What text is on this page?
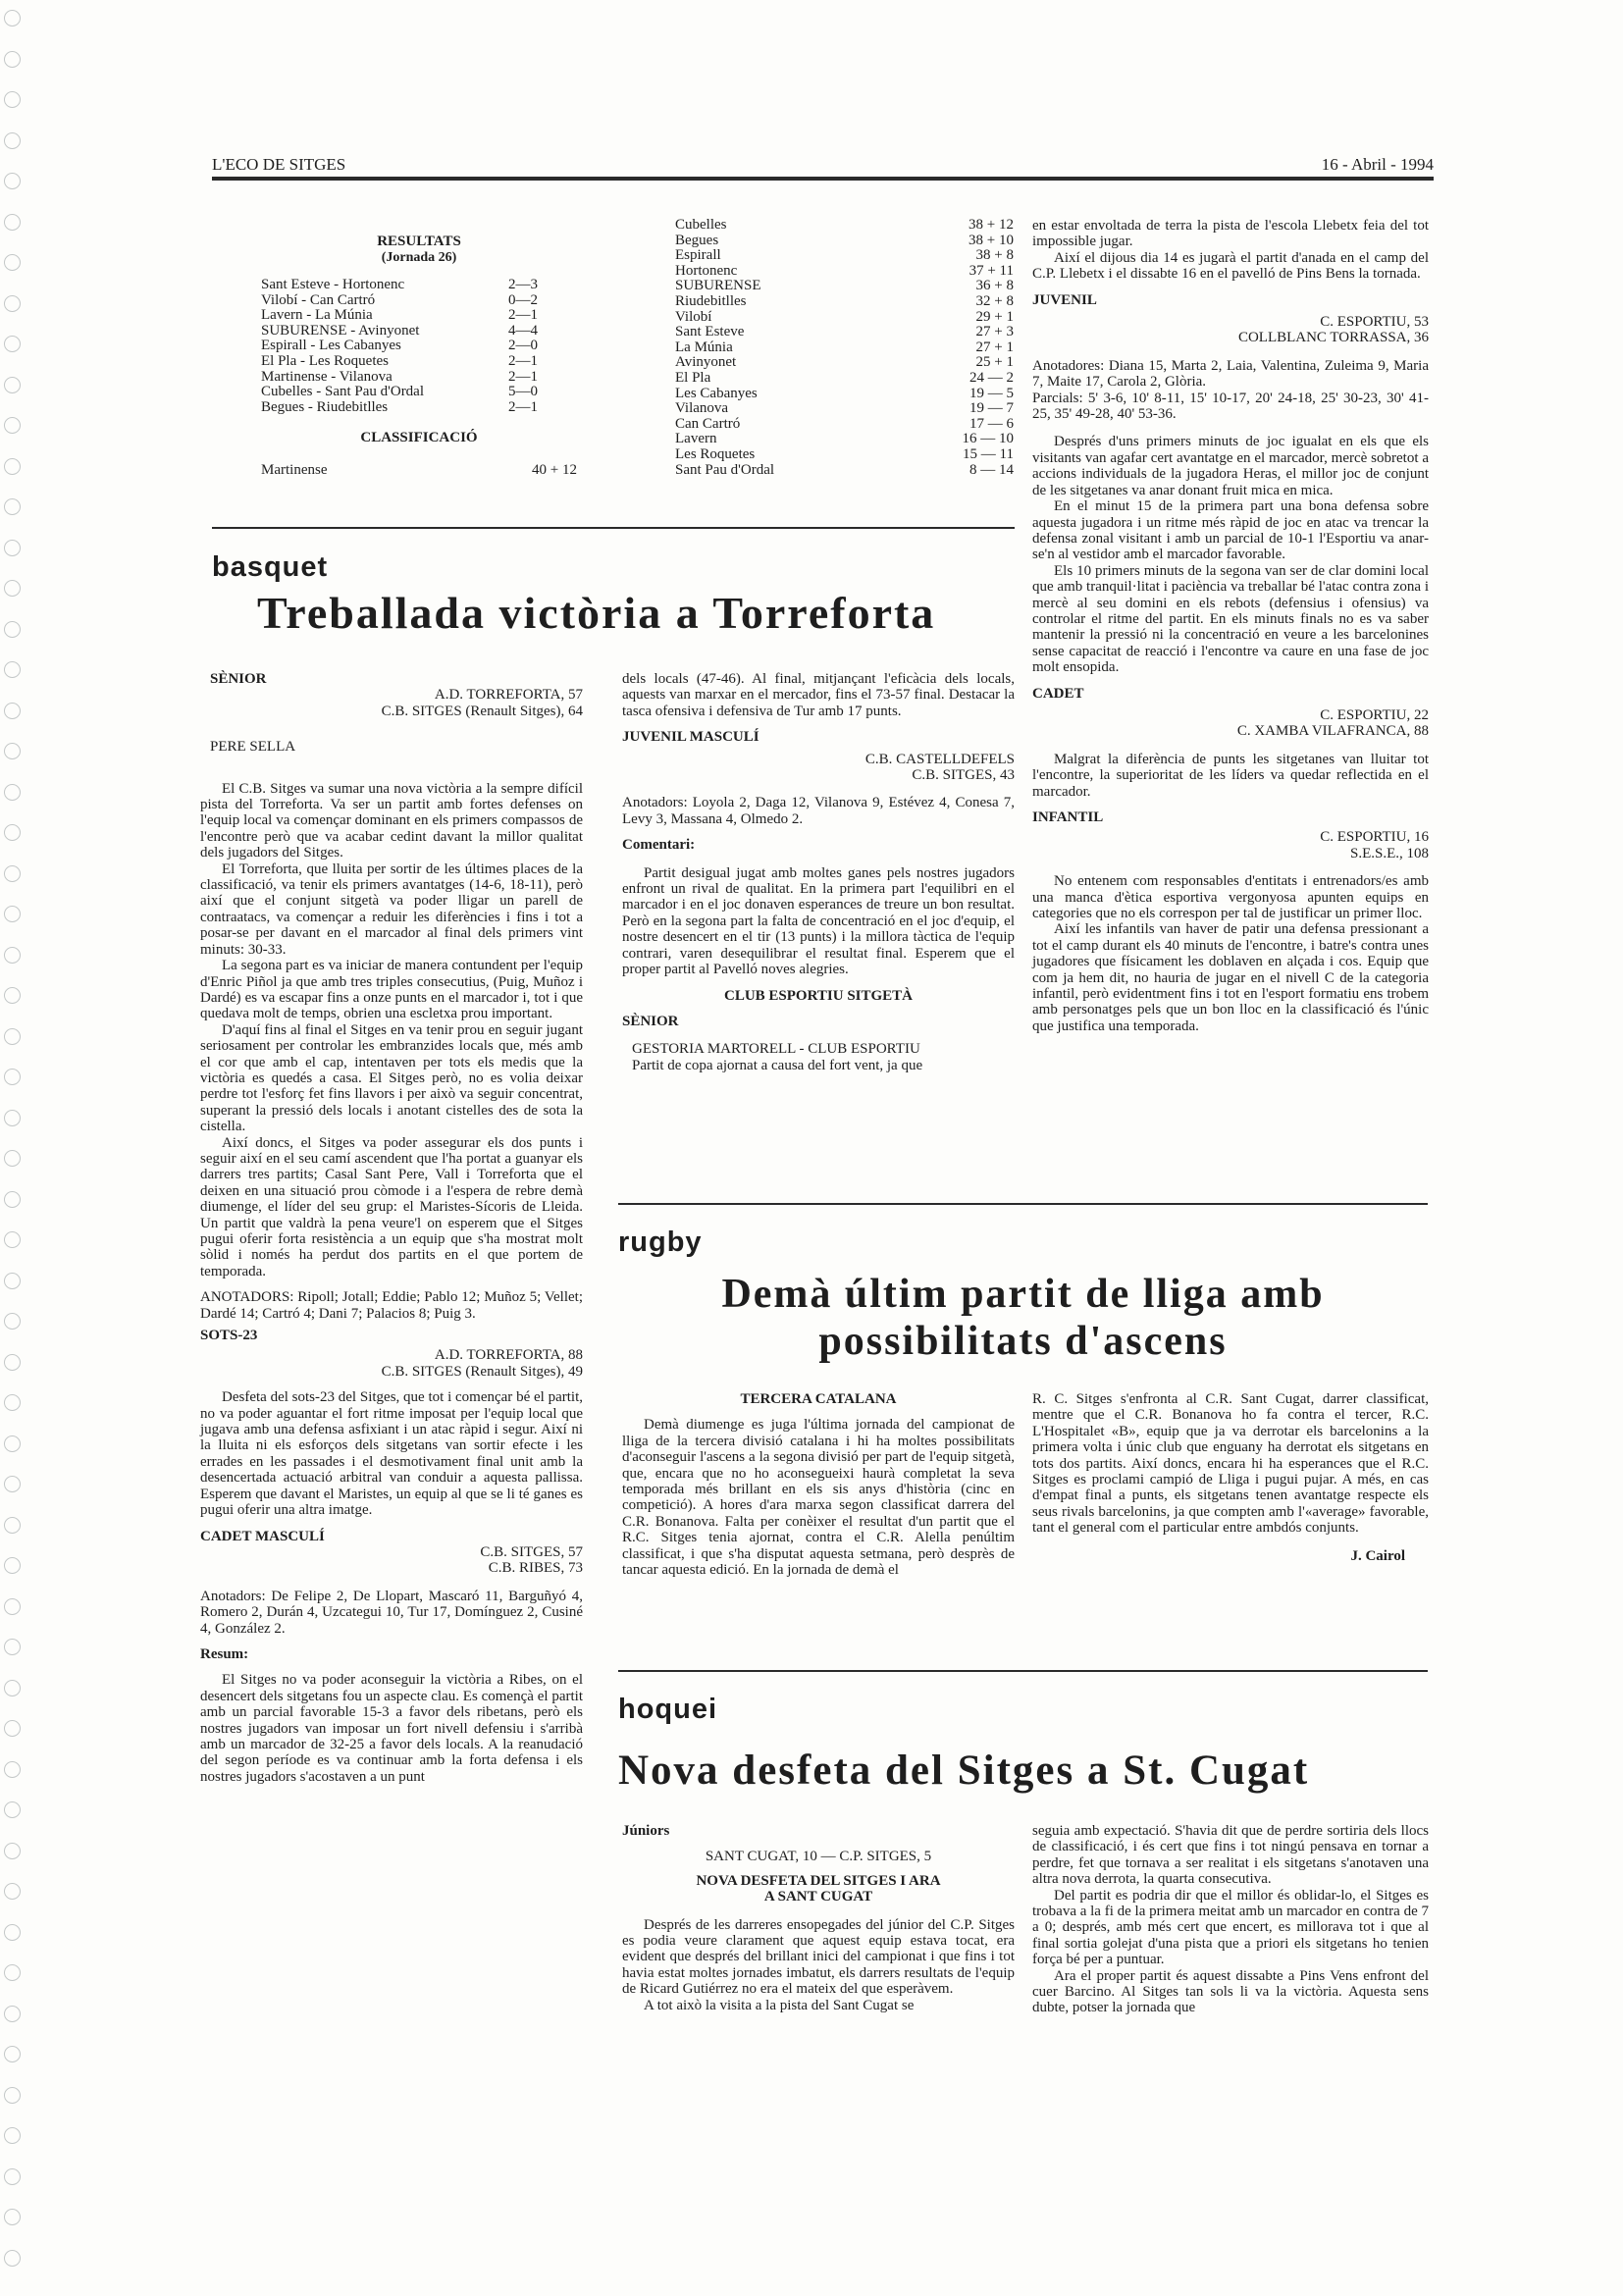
L'ECO DE SITGES	16 - Abril - 1994
RESULTATS
(Jornada 26)
Sant Esteve - Hortonenc	2—3
Vilobí - Can Cartró	0—2
Lavern - La Múnia	2—1
SUBURENSE - Avinyonet	4—4
Espirall - Les Cabanyes	2—0
El Pla - Les Roquetes	2—1
Martinense - Vilanova	2—1
Cubelles - Sant Pau d'Ordal	5—0
Begues - Riudebitlles	2—1
CLASSIFICACIÓ
Martinense	40 + 12
Cubelles	38 + 12
Begues	38 + 10
Espirall	38 + 8
Hortonenc	37 + 11
SUBURENSE	36 + 8
Riudebitlles	32 + 8
Vilobí	29 + 1
Sant Esteve	27 + 3
La Múnia	27 + 1
Avinyonet	25 + 1
El Pla	24 — 2
Les Cabanyes	19 — 5
Vilanova	19 — 7
Can Cartró	17 — 6
Lavern	16 — 10
Les Roquetes	15 — 11
Sant Pau d'Ordal	8 — 14
basquet
Treballada victòria a Torreforta
SÈNIOR
A.D. TORREFORTA, 57
C.B. SITGES (Renault Sitges), 64
PERE SELLA

El C.B. Sitges va sumar una nova victòria a la sempre difícil pista del Torreforta. Va ser un partit amb fortes defenses on l'equip local va començar dominant en els primers compassos de l'encontre però que va acabar cedint davant la millor qualitat dels jugadors del Sitges.

El Torreforta, que lluita per sortir de les últimes places de la classificació, va tenir els primers avantatges (14-6, 18-11), però així que el conjunt sitgetà va poder lligar un parell de contraatacs, va començar a reduir les diferències i fins i tot a posar-se per davant en el marcador al final dels primers vint minuts: 30-33.

La segona part es va iniciar de manera contundent per l'equip d'Enric Piñol ja que amb tres triples consecutius, (Puig, Muñoz i Dardé) es va escapar fins a onze punts en el marcador i, tot i que quedava molt de temps, obrien una escletxa prou important.

D'aquí fins al final el Sitges en va tenir prou en seguir jugant seriosament per controlar les embranzides locals que, més amb el cor que amb el cap, intentaven per tots els medis que la victòria es quedés a casa. El Sitges però, no es volia deixar perdre tot l'esforç fet fins llavors i per això va seguir concentrat, superant la pressió dels locals i anotant cistelles des de sota la cistella.

Així doncs, el Sitges va poder assegurar els dos punts i seguir així en el seu camí ascendent que l'ha portat a guanyar els darrers tres partits; Casal Sant Pere, Vall i Torreforta que el deixen en una situació prou còmode i a l'espera de rebre demà diumenge, el líder del seu grup: el Maristes-Sícoris de Lleida. Un partit que valdrà la pena veure'l on esperem que el Sitges pugui oferir forta resistència a un equip que s'ha mostrat molt sòlid i només ha perdut dos partits en el que portem de temporada.

ANOTADORS: Ripoll; Jotall; Eddie; Pablo 12; Muñoz 5; Vellet; Dardé 14; Cartró 4; Dani 7; Palacios 8; Puig 3.

SOTS-23
A.D. TORREFORTA, 88
C.B. SITGES (Renault Sitges), 49

Desfeta del sots-23 del Sitges, que tot i començar bé el partit, no va poder aguantar el fort ritme imposat per l'equip local que jugava amb una defensa asfixiant i un atac ràpid i segur. Així ni la lluita ni els esforços dels sitgetans van sortir efecte i les errades en les passades i el desmotivament final unit amb la desencertada actuació arbitral van conduir a aquesta pallissa. Esperem que davant el Maristes, un equip al que se li té ganes es pugui oferir una altra imatge.

CADET MASCULÍ
C.B. SITGES, 57
C.B. RIBES, 73

Anotadors: De Felipe 2, De Llopart, Mascaró 11, Barguñyó 4, Romero 2, Durán 4, Uzcategui 10, Tur 17, Domínguez 2, Cusiné 4, González 2.

Resum:

El Sitges no va poder aconseguir la victòria a Ribes, on el desencert dels sitgetans fou un aspecte clau. Es començà el partit amb un parcial favorable 15-3 a favor dels ribetans, però els nostres jugadors van imposar un fort nivell defensiu i s'arribà amb un marcador de 32-25 a favor dels locals. A la reanudació del segon període es va continuar amb la forta defensa i els nostres jugadors s'acostaven a un punt

dels locals (47-46). Al final, mitjançant l'eficàcia dels locals, aquests van marxar en el mercador, fins el 73-57 final. Destacar la tasca ofensiva i defensiva de Tur amb 17 punts.

JUVENIL MASCULÍ
C.B. CASTELLDEFELS
C.B. SITGES, 43

Anotadors: Loyola 2, Daga 12, Vilanova 9, Estévez 4, Conesa 7, Levy 3, Massana 4, Olmedo 2.

Comentari:

Partit desigual jugat amb moltes ganes pels nostres jugadors enfront un rival de qualitat. En la primera part l'equilibri en el marcador i en el joc donaven esperances de treure un bon resultat. Però en la segona part la falta de concentració en el joc d'equip, el nostre desencert en el tir (13 punts) i la millora tàctica de l'equip contrari, varen desequilibrar el resultat final. Esperem que el proper partit al Pavelló noves alegries.

CLUB ESPORTIU SITGETÀ
SÈNIOR
GESTORIA MARTORELL - CLUB ESPORTIU

Partit de copa ajornat a causa del fort vent, ja que

en estar envoltada de terra la pista de l'escola Llebetx feia del tot impossible jugar.

Així el dijous dia 14 es jugarà el partit d'anada en el camp del C.P. Llebetx i el dissabte 16 en el pavelló de Pins Bens la tornada.

JUVENIL
C. ESPORTIU, 53
COLLBLANC TORRASSA, 36

Anotadores: Diana 15, Marta 2, Laia, Valentina, Zuleima 9, Maria 7, Maite 17, Carola 2, Glòria.

Parcials: 5' 3-6, 10' 8-11, 15' 10-17, 20' 24-18, 25' 30-23, 30' 41-25, 35' 49-28, 40' 53-36.

Després d'uns primers minuts de joc igualat en els que els visitants van agafar cert avantatge en el marcador, mercè sobretot a accions individuals de la jugadora Heras, el millor joc de conjunt de les sitgetanes va anar donant fruit mica en mica.

En el minut 15 de la primera part una bona defensa sobre aquesta jugadora i un ritme més ràpid de joc en atac va trencar la defensa zonal visitant i amb un parcial de 10-1 l'Esportiu va anar-se'n al vestidor amb el marcador favorable.

Els 10 primers minuts de la segona van ser de clar domini local que amb tranquil·litat i paciència va treballar bé l'atac contra zona i mercè al seu domini en els rebots (defensius i ofensius) va controlar el ritme del partit. En els minuts finals no es va saber mantenir la pressió ni la concentració en veure a les barcelonines sense capacitat de reacció i l'encontre va caure en una fase de joc molt ensopida.

CADET
C. ESPORTIU, 22
C. XAMBA VILAFRANCA, 88

Malgrat la diferència de punts les sitgetanes van lluitar tot l'encontre, la superioritat de les líders va quedar reflectida en el marcador.

INFANTIL
C. ESPORTIU, 16
S.E.S.E., 108

No entenem com responsables d'entitats i entrenadors/es amb una manca d'ètica esportiva vergonyosa apunten equips en categories que no els correspon per tal de justificar un primer lloc.

Així les infantils van haver de patir una defensa pressionant a tot el camp durant els 40 minuts de l'encontre, i batre's contra unes jugadores que físicament les doblaven en alçada i cos. Equip que com ja hem dit, no hauria de jugar en el nivell C de la categoria infantil, però evidentment fins i tot en l'esport formatiu ens trobem amb personatges pels que un bon lloc en la classificació és l'únic que justifica una temporada.

rugby
Demà últim partit de lliga amb
possibilitats d'ascens
TERCERA CATALANA

Demà diumenge es juga l'última jornada del campionat de lliga de la tercera divisió catalana i hi ha moltes possibilitats d'aconseguir l'ascens a la segona divisió per part de l'equip sitgetà, que, encara que no ho aconsegueixi haurà completat la seva temporada més brillant en els sis anys d'història (cinc en competició). A hores d'ara marxa segon classificat darrera del C.R. Bonanova. Falta per conèixer el resultat d'un partit que el R.C. Sitges tenia ajornat, contra el C.R. Alella penúltim classificat, i que s'ha disputat aquesta setmana, però desprès de tancar aquesta edició. En la jornada de demà el

R. C. Sitges s'enfronta al C.R. Sant Cugat, darrer classificat, mentre que el C.R. Bonanova ho fa contra el tercer, R.C. L'Hospitalet «B», equip que ja va derrotar els barcelonins a la primera volta i únic club que enguany ha derrotat els sitgetans en tots dos partits. Així doncs, encara hi ha esperances que el R.C. Sitges es proclami campió de Lliga i pugui pujar. A més, en cas d'empat final a punts, els sitgetans tenen avantatge respecte els seus rivals barcelonins, ja que compten amb l'«average» favorable, tant el general com el particular entre ambdós conjunts.

J. Cairol
hoquei
Nova desfeta del Sitges a St. Cugat
Júniors
SANT CUGAT, 10 — C.P. SITGES, 5
NOVA DESFETA DEL SITGES I ARA
A SANT CUGAT

Després de les darreres ensopegades del júnior del C.P. Sitges es podia veure clarament que aquest equip estava tocat, era evident que després del brillant inici del campionat i que fins i tot havia estat moltes jornades imbatut, els darrers resultats de l'equip de Ricard Gutiérrez no era el mateix del que esperàvem.

A tot això la visita a la pista del Sant Cugat se

seguia amb expectació. S'havia dit que de perdre sortiria dels llocs de classificació, i és cert que fins i tot ningú pensava en tornar a perdre, fet que tornava a ser realitat i els sitgetans s'anotaven una altra nova derrota, la quarta consecutiva.

Del partit es podria dir que el millor és oblidar-lo, el Sitges es trobava a la fi de la primera meitat amb un marcador en contra de 7 a 0; després, amb més cert que encert, es millorava tot i que al final sortia golejat d'una pista que a priori els sitgetans ho tenien força bé per a puntuar.

Ara el proper partit és aquest dissabte a Pins Vens enfront del cuer Barcino. Al Sitges tan sols li va la victòria. Aquesta sens dubte, potser la jornada que
